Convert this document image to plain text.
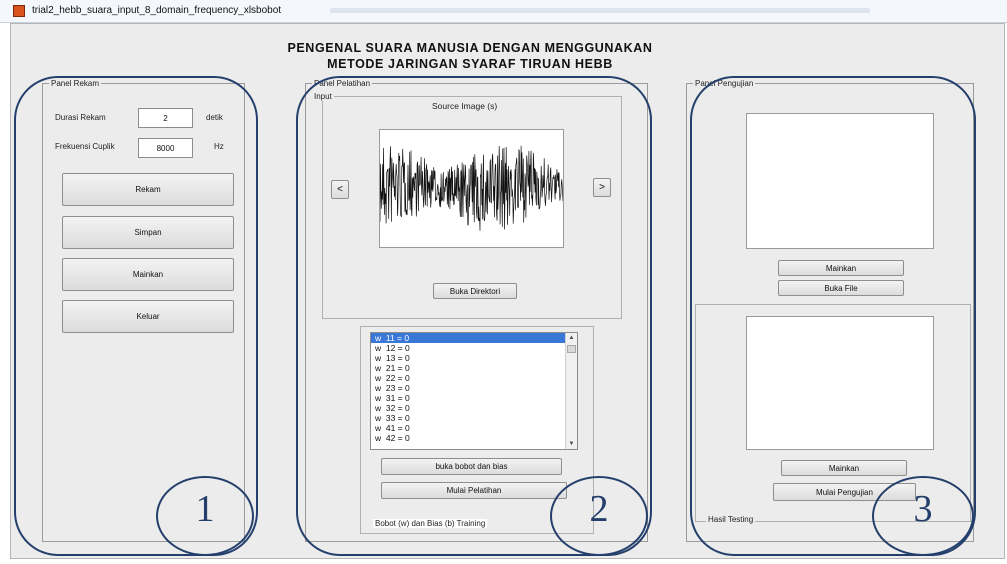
trial2_hebb_suara_input_8_domain_frequency_xlsbobot
PENGENAL SUARA MANUSIA DENGAN MENGGUNAKAN
METODE JARINGAN SYARAF TIRUAN HEBB
Panel Rekam
Durasi Rekam
2	detik
Frekuensi Cuplik
8000	Hz
Rekam
Simpan
Mainkan
Keluar
Panel Pelatihan
Input
Source Image (s)
<	>
Buka Direktori
Bobot (w) dan Bias (b) Training
w  11 = 0
w  12 = 0
w  13 = 0
w  21 = 0
w  22 = 0
w  23 = 0
w  31 = 0
w  32 = 0
w  33 = 0
w  41 = 0
w  42 = 0
▲
▼
buka bobot dan bias
Mulai Pelatihan
Panel Pengujian
Mainkan
Buka File
Hasil Testing
Mainkan
Mulai Pengujian
1	2	3
